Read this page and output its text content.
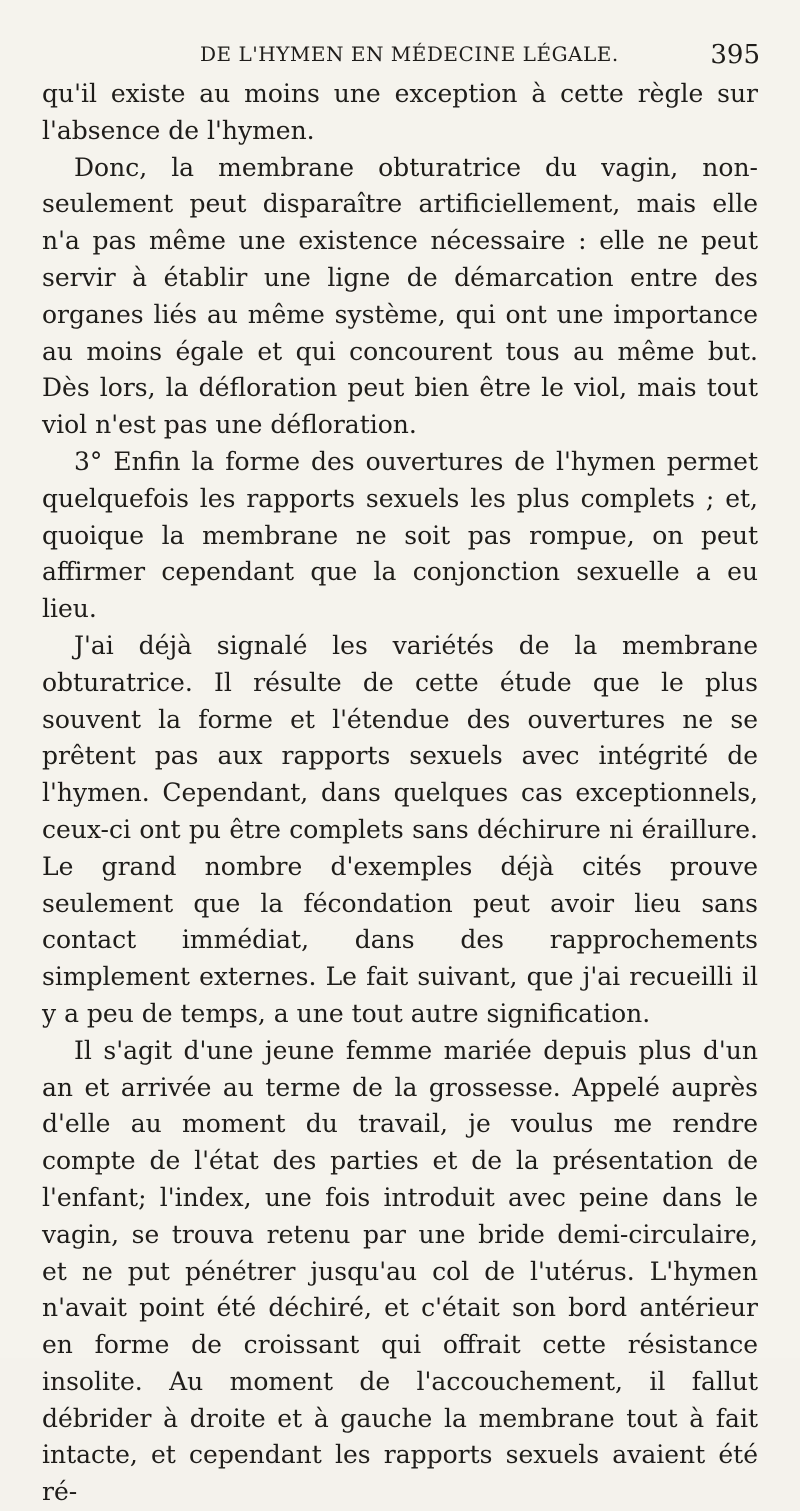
DE L'HYMEN EN MÉDECINE LÉGALE.	395

qu'il existe au moins une exception à cette règle sur l'absence de l'hymen.

Donc, la membrane obturatrice du vagin, non-seulement peut disparaître artificiellement, mais elle n'a pas même une existence nécessaire : elle ne peut servir à établir une ligne de démarcation entre des organes liés au même système, qui ont une importance au moins égale et qui concourent tous au même but. Dès lors, la défloration peut bien être le viol, mais tout viol n'est pas une défloration.

3° Enfin la forme des ouvertures de l'hymen permet quelquefois les rapports sexuels les plus complets ; et, quoique la membrane ne soit pas rompue, on peut affirmer cependant que la conjonction sexuelle a eu lieu.

J'ai déjà signalé les variétés de la membrane obturatrice. Il résulte de cette étude que le plus souvent la forme et l'étendue des ouvertures ne se prêtent pas aux rapports sexuels avec intégrité de l'hymen. Cependant, dans quelques cas exceptionnels, ceux-ci ont pu être complets sans déchirure ni éraillure. Le grand nombre d'exemples déjà cités prouve seulement que la fécondation peut avoir lieu sans contact immédiat, dans des rapprochements simplement externes. Le fait suivant, que j'ai recueilli il y a peu de temps, a une tout autre signification.

Il s'agit d'une jeune femme mariée depuis plus d'un an et arrivée au terme de la grossesse. Appelé auprès d'elle au moment du travail, je voulus me rendre compte de l'état des parties et de la présentation de l'enfant; l'index, une fois introduit avec peine dans le vagin, se trouva retenu par une bride demi-circulaire, et ne put pénétrer jusqu'au col de l'utérus. L'hymen n'avait point été déchiré, et c'était son bord antérieur en forme de croissant qui offrait cette résistance insolite. Au moment de l'accouchement, il fallut débrider à droite et à gauche la membrane tout à fait intacte, et cependant les rapports sexuels avaient été ré-
